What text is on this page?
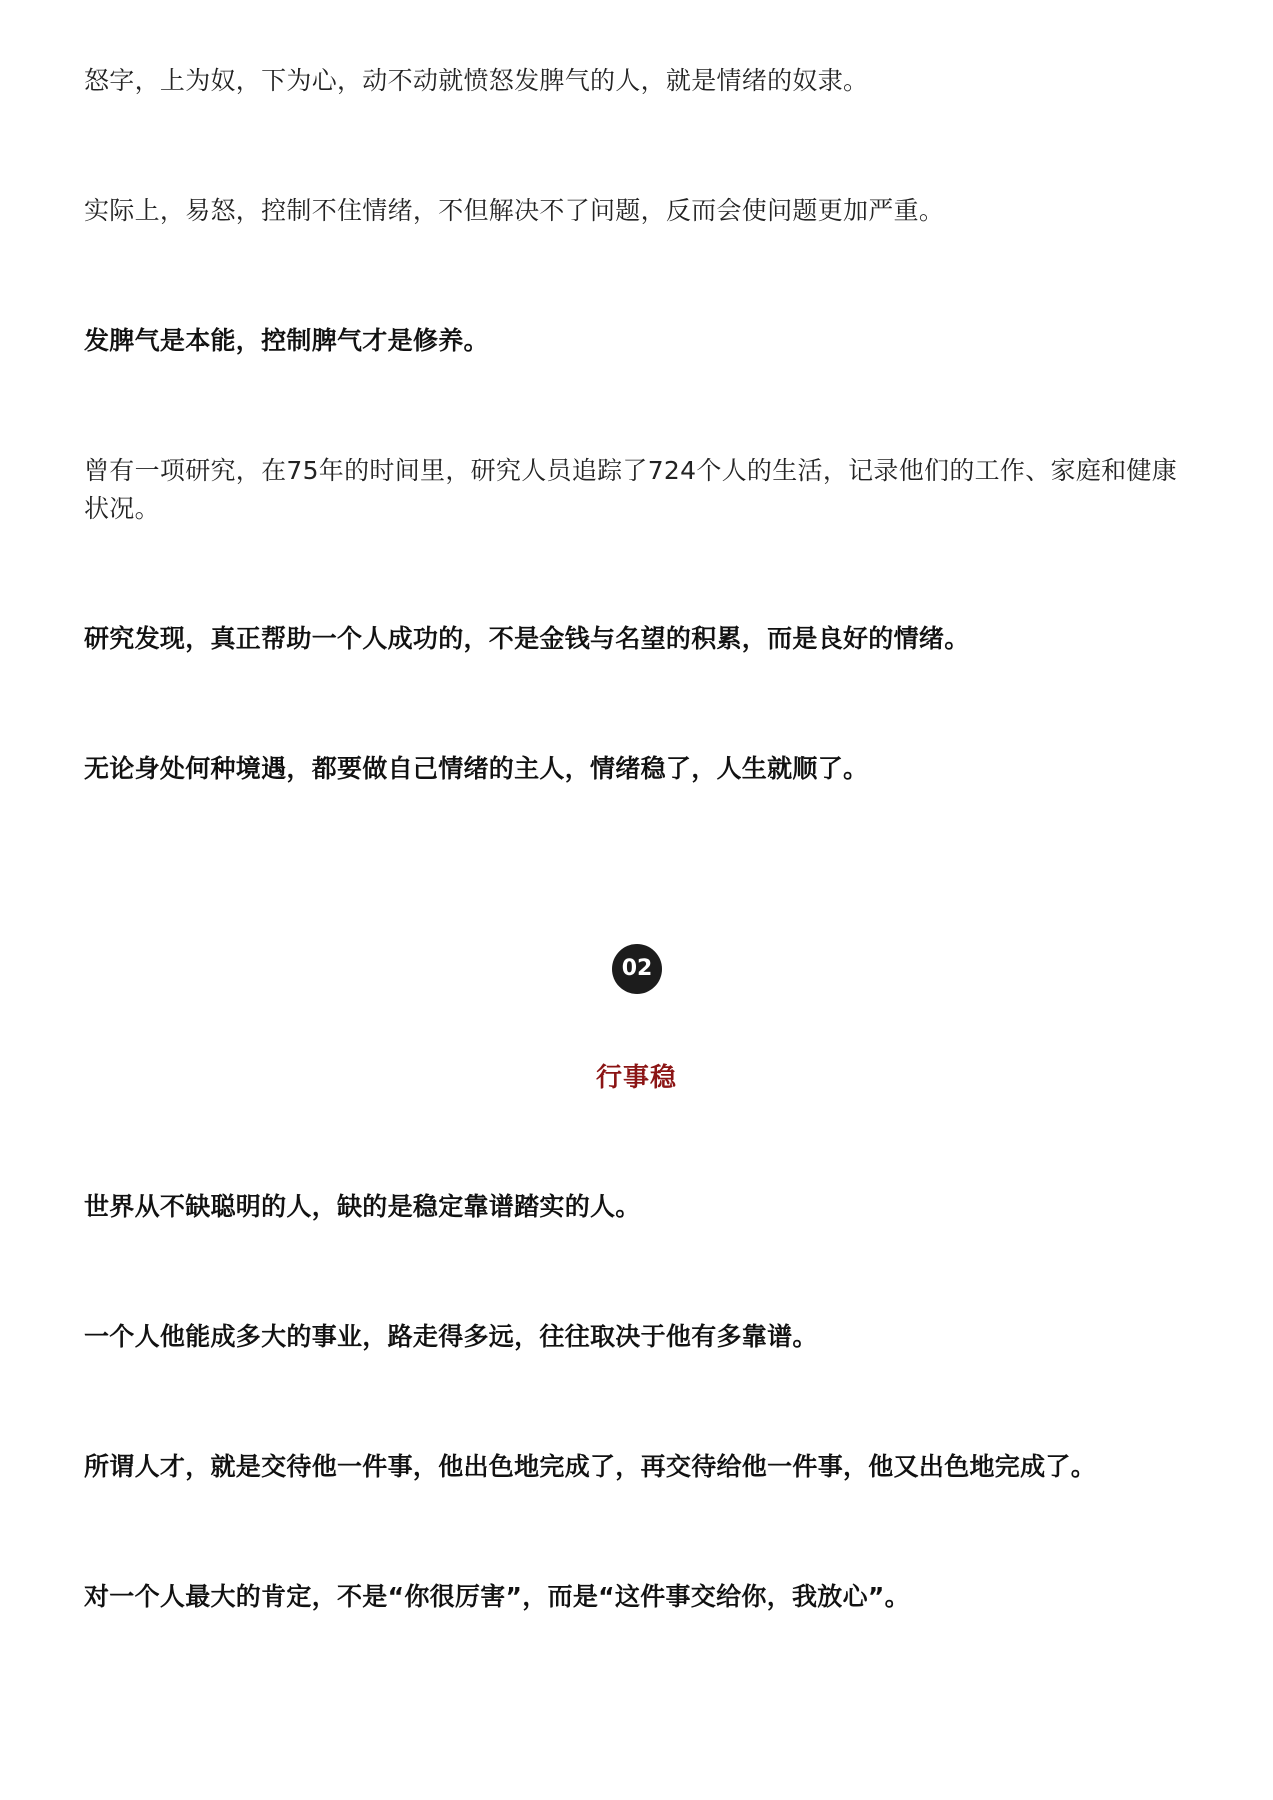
怒字，上为奴，下为心，动不动就愤怒发脾气的人，就是情绪的奴隶。

实际上，易怒，控制不住情绪，不但解决不了问题，反而会使问题更加严重。

发脾气是本能，控制脾气才是修养。

曾有一项研究，在75年的时间里，研究人员追踪了724个人的生活，记录他们的工作、家庭和健康状况。

研究发现，真正帮助一个人成功的，不是金钱与名望的积累，而是良好的情绪。

无论身处何种境遇，都要做自己情绪的主人，情绪稳了，人生就顺了。

02
行事稳

世界从不缺聪明的人，缺的是稳定靠谱踏实的人。

一个人他能成多大的事业，路走得多远，往往取决于他有多靠谱。

所谓人才，就是交待他一件事，他出色地完成了，再交待给他一件事，他又出色地完成了。

对一个人最大的肯定，不是“你很厉害”，而是“这件事交给你，我放心”。
